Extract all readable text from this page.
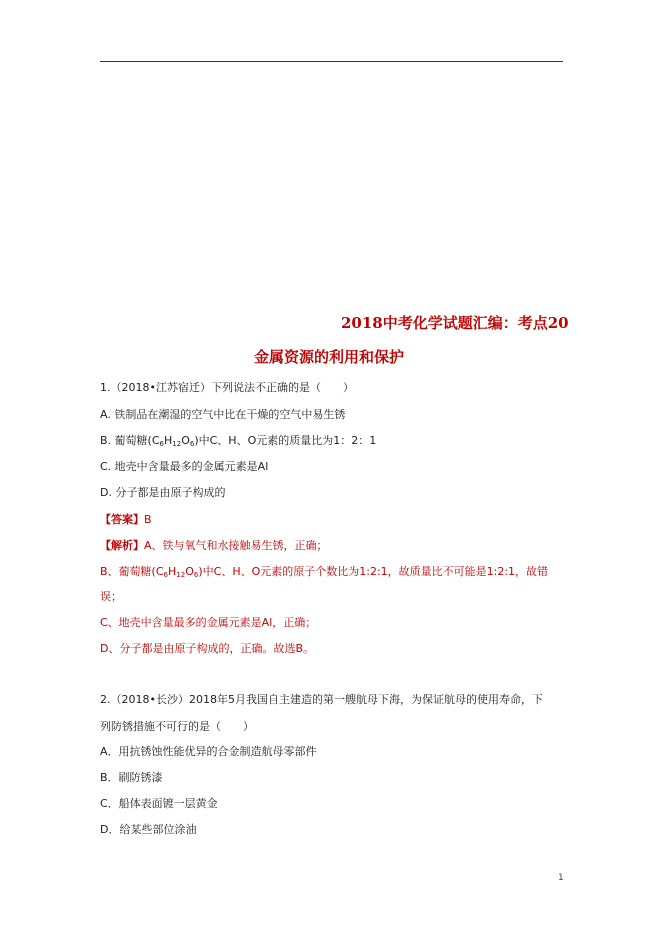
2018中考化学试题汇编：考点20
金属资源的利用和保护
1.（2018•江苏宿迁）下列说法不正确的是（　　）
A. 铁制品在潮湿的空气中比在干燥的空气中易生锈
B. 葡萄糖$(C_6H_{12}O_6)$中C、H、O元素的质量比为1：2：1
C. 地壳中含量最多的金属元素是Al
D. 分子都是由原子构成的
【答案】B
【解析】A、铁与氧气和水接触易生锈，正确；
B、葡萄糖$(C_6H_{12}O_6)$中C、H、O元素的原子个数比为1:2:1，故质量比不可能是1:2:1，故错
误；
C、地壳中含量最多的金属元素是Al，正确；
D、分子都是由原子构成的，正确。故选B。
2.（2018•长沙）2018年5月我国自主建造的第一艘航母下海，为保证航母的使用寿命，下
列防锈措施不可行的是（　　）
A．用抗锈蚀性能优异的合金制造航母零部件
B．刷防锈漆
C．船体表面镀一层黄金
D．给某些部位涂油
1
